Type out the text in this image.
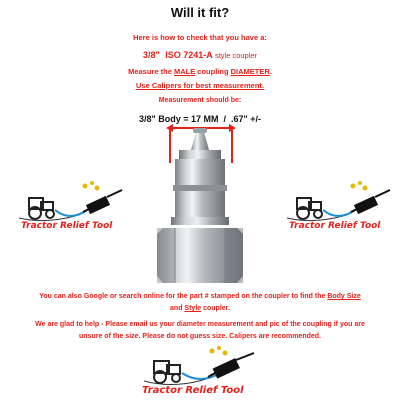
Will it fit?
Here is how to check that you have a:
3/8" ISO 7241-A style coupler
Measure the MALE coupling DIAMETER.
Use Calipers for best measurement.
Measurement should be:
3/8" Body = 17 MM  /  .67" +/-
Tractor Relief Tool	Tractor Relief Tool
You can also Google or search online for the part # stamped on the coupler to find the Body Size and Style coupler.
We are glad to help - Please email us your diameter measurement and pic of the coupling if you are unsure of the size. Please do not guess size. Calipers are recommended.
Tractor Relief Tool
